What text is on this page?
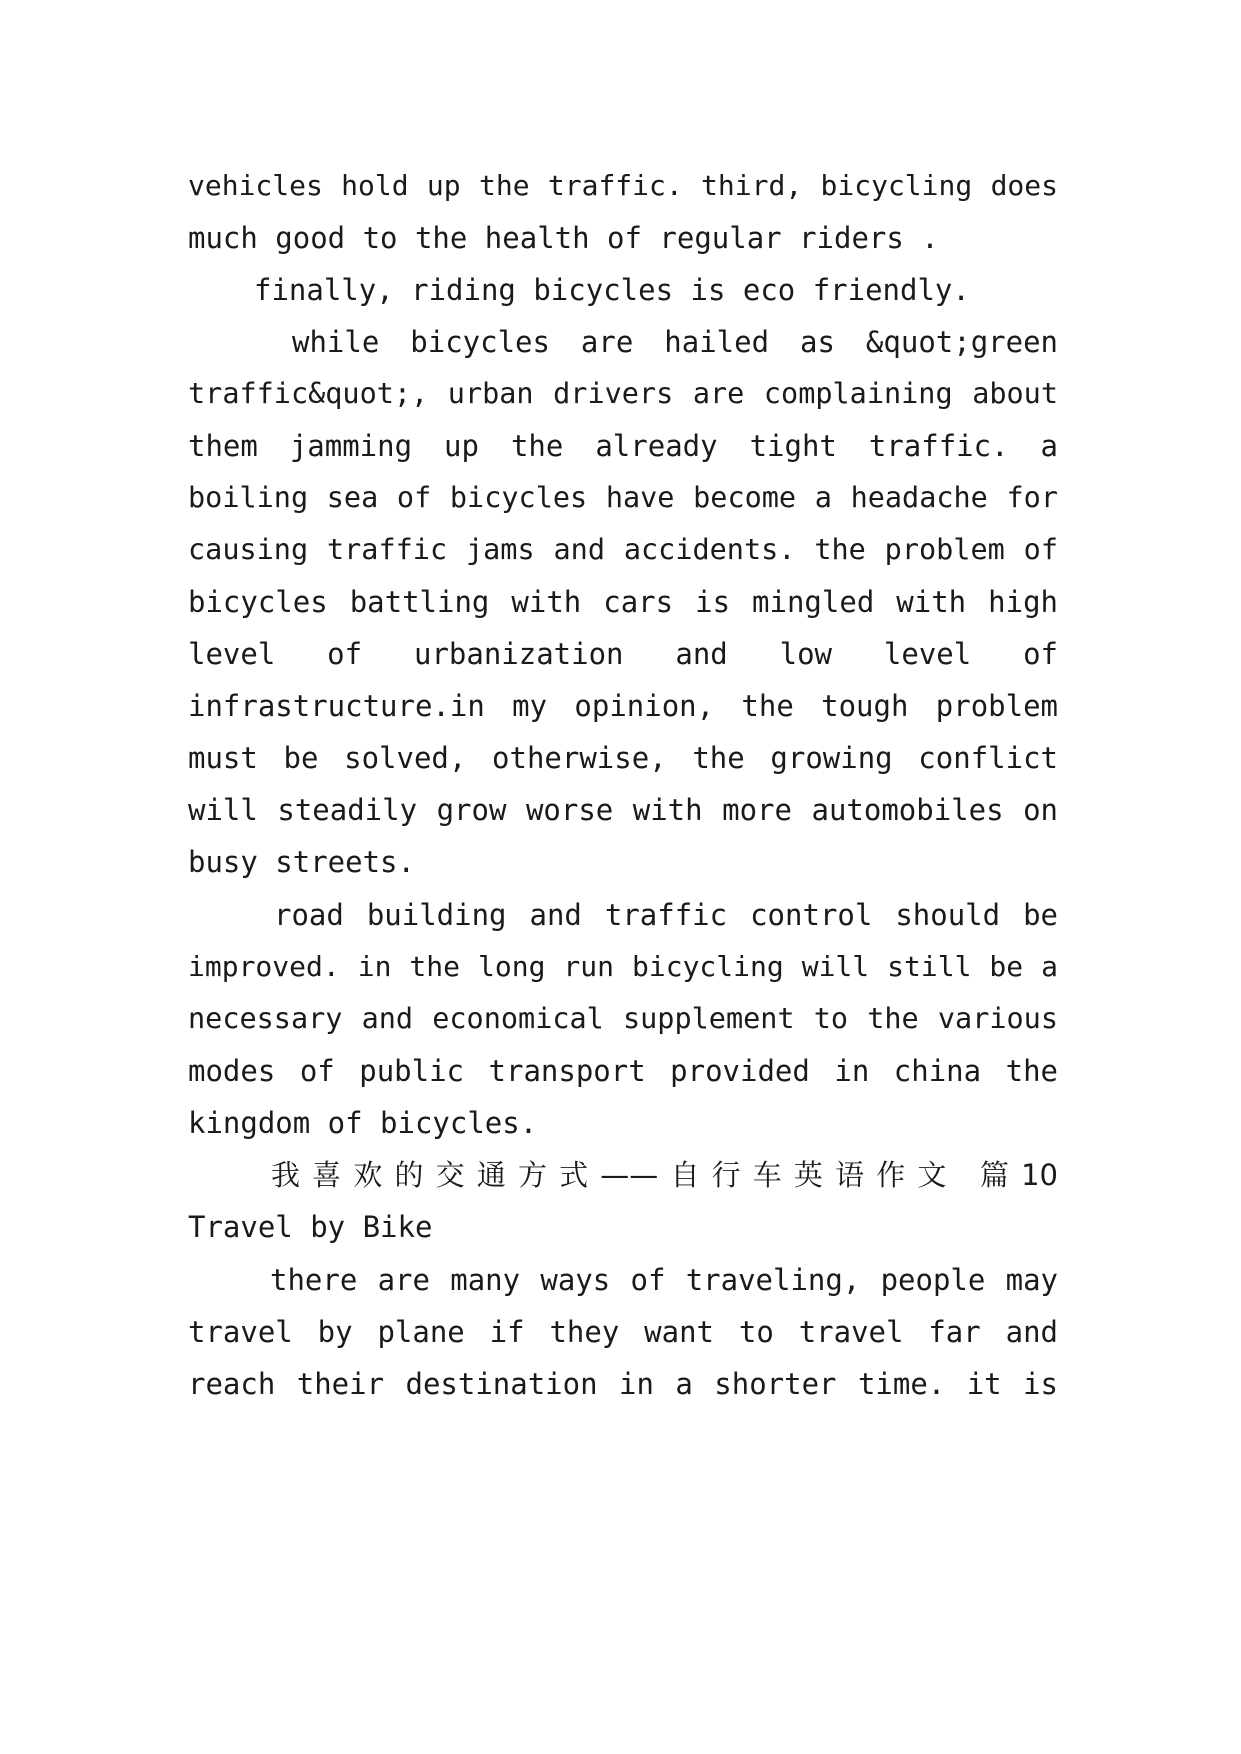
vehicles hold up the traffic. third, bicycling does
much good to the health of regular riders .
finally, riding bicycles is eco friendly.
while bicycles are hailed as &quot;green
traffic&quot;, urban drivers are complaining about
them jamming up the already tight traffic. a
boiling sea of bicycles have become a headache for
causing traffic jams and accidents. the problem of
bicycles battling with cars is mingled with high
level of urbanization and low level of
infrastructure.in my opinion, the tough problem
must be solved, otherwise, the growing conflict
will steadily grow worse with more automobiles on
busy streets.
road building and traffic control should be
improved. in the long run bicycling will still be a
necessary and economical supplement to the various
modes of public transport provided in china the
kingdom of bicycles.
我喜欢的交通方式——自行车英语作文 篇10
Travel by Bike
there are many ways of traveling, people may
travel by plane if they want to travel far and
reach their destination in a shorter time. it is
